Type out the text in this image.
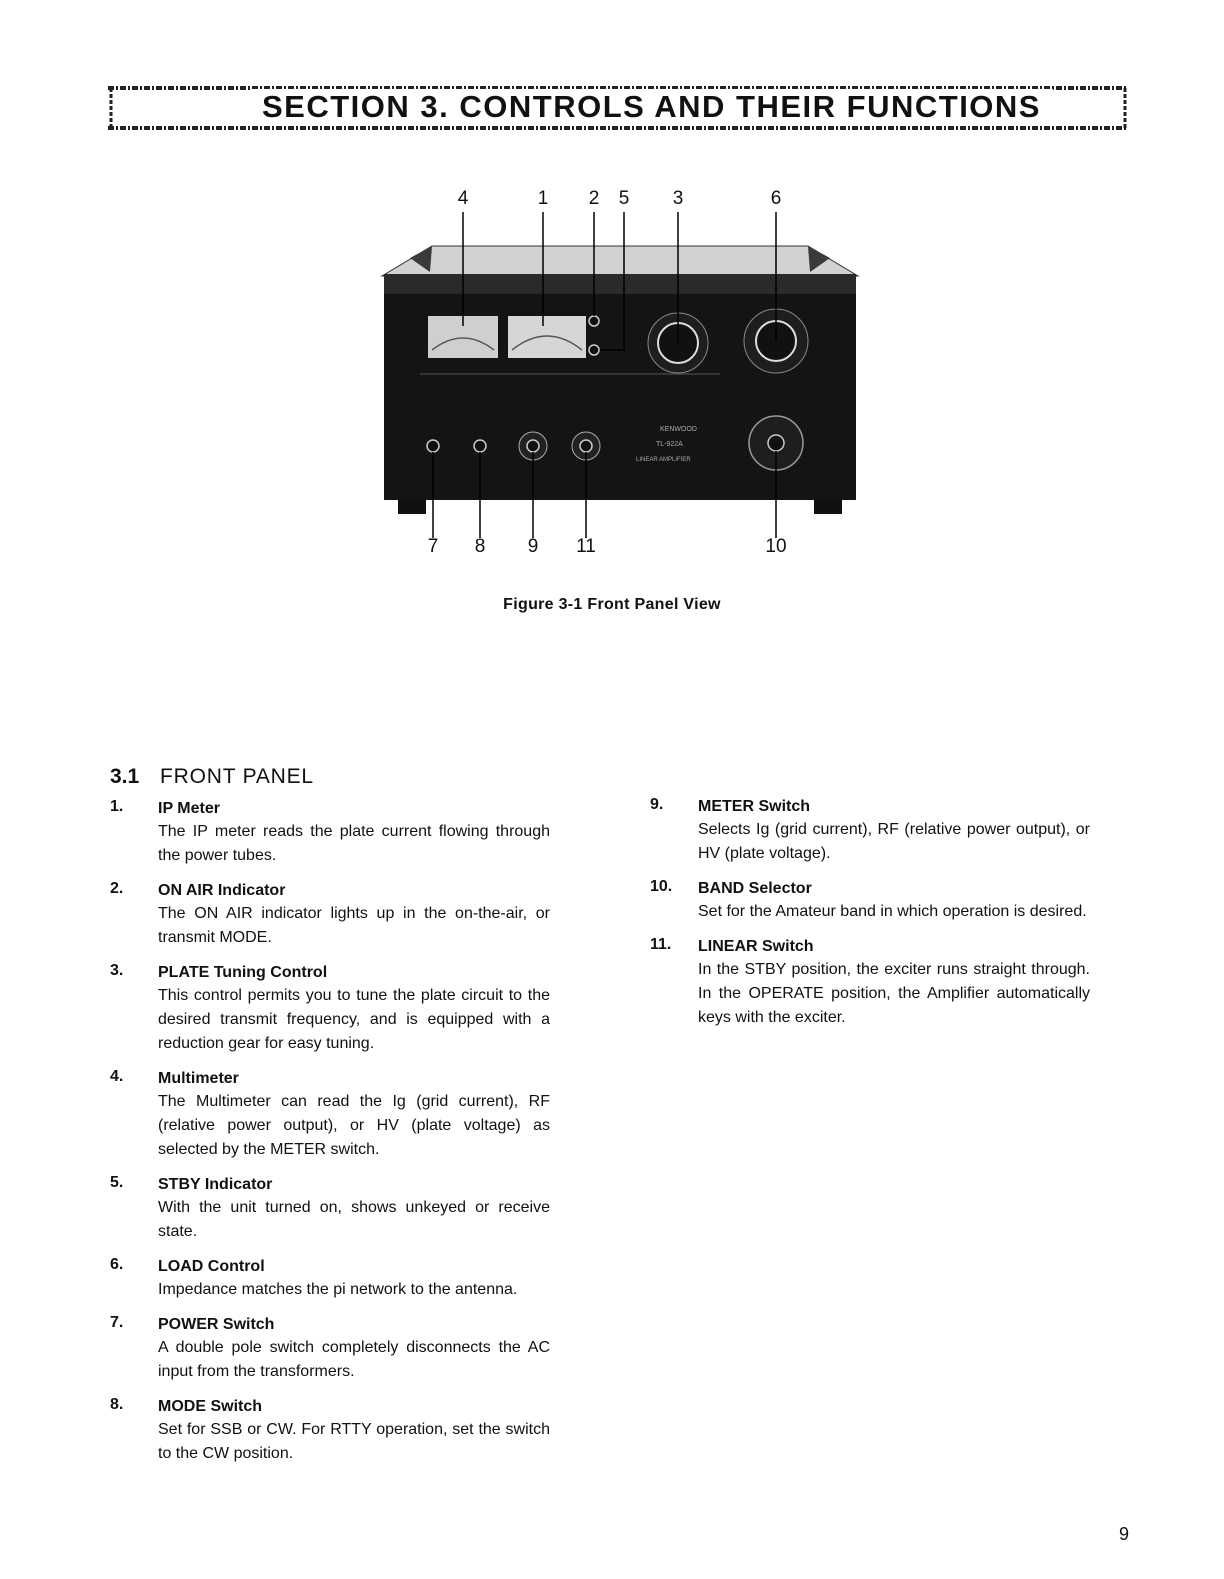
SECTION 3. CONTROLS AND THEIR FUNCTIONS
KENWOOD
TL-922A
LINEAR AMPLIFIER
4	1	2	5	3	6
7	8	9	11	10
Figure 3-1 Front Panel View
3.1 FRONT PANEL
1. IP Meter
The IP meter reads the plate current flowing through the power tubes.
2. ON AIR Indicator
The ON AIR indicator lights up in the on-the-air, or transmit MODE.
3. PLATE Tuning Control
This control permits you to tune the plate circuit to the desired transmit frequency, and is equipped with a reduction gear for easy tuning.
4. Multimeter
The Multimeter can read the Ig (grid current), RF (relative power output), or HV (plate voltage) as selected by the METER switch.
5. STBY Indicator
With the unit turned on, shows unkeyed or receive state.
6. LOAD Control
Impedance matches the pi network to the antenna.
7. POWER Switch
A double pole switch completely disconnects the AC input from the transformers.
8. MODE Switch
Set for SSB or CW. For RTTY operation, set the switch to the CW position.
9. METER Switch
Selects Ig (grid current), RF (relative power output), or HV (plate voltage).
10. BAND Selector
Set for the Amateur band in which operation is desired.
11. LINEAR Switch
In the STBY position, the exciter runs straight through. In the OPERATE position, the Amplifier automatically keys with the exciter.
9
